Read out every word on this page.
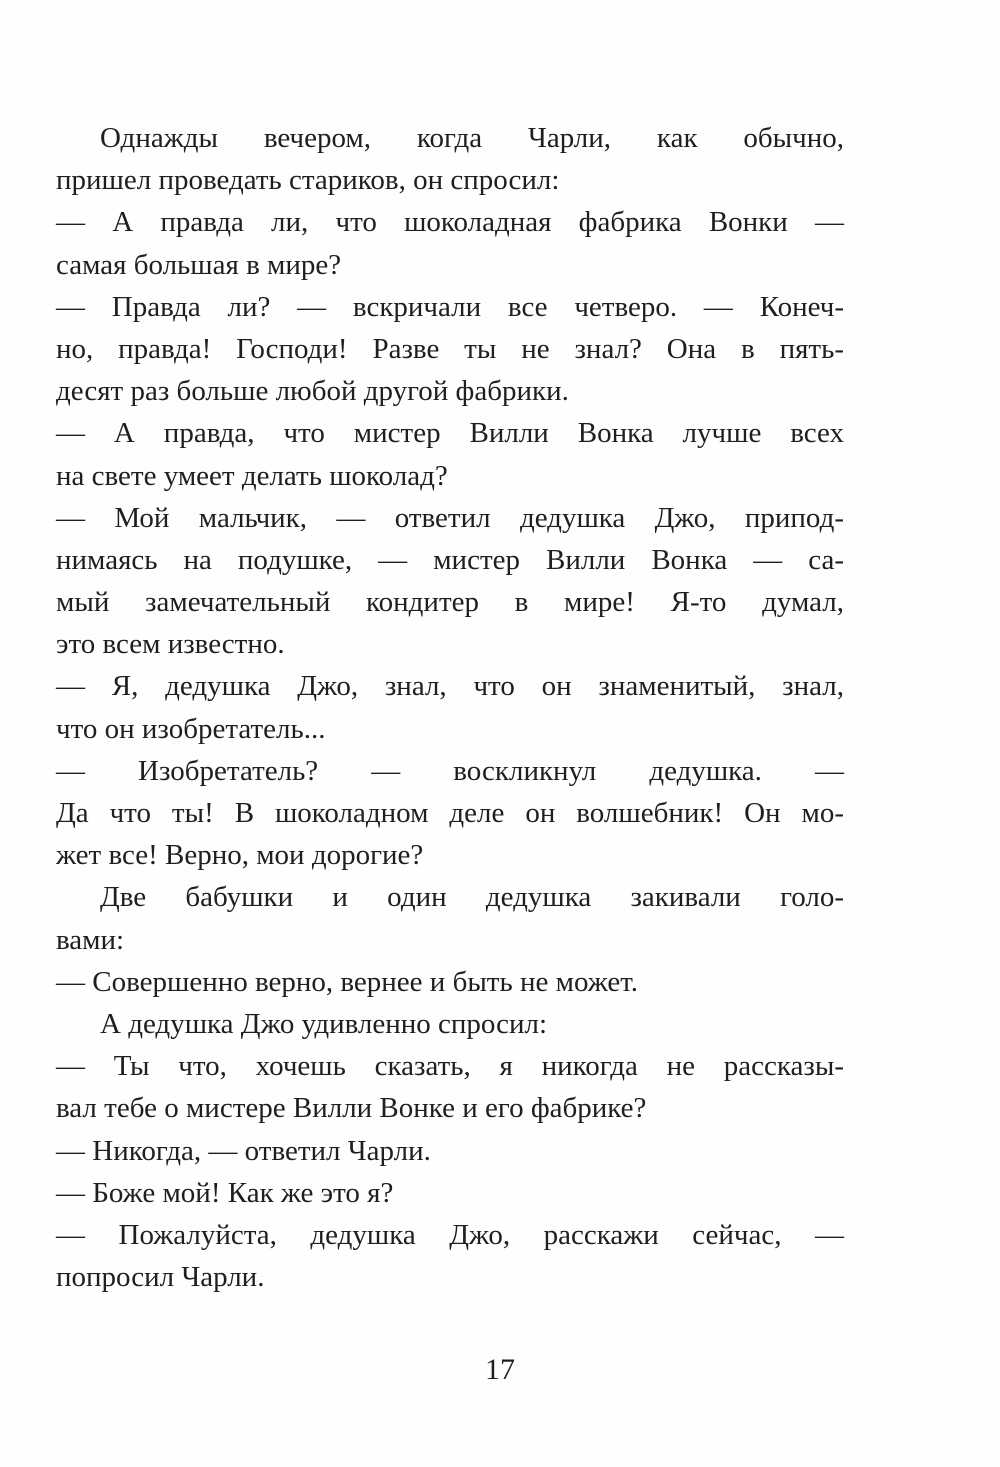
Однажды вечером, когда Чарли, как обычно,
пришел проведать стариков, он спросил:
— А правда ли, что шоколадная фабрика Вонки —
самая большая в мире?
— Правда ли? — вскричали все четверо. — Конеч-
но, правда! Господи! Разве ты не знал? Она в пять-
десят раз больше любой другой фабрики.
— А правда, что мистер Вилли Вонка лучше всех
на свете умеет делать шоколад?
— Мой мальчик, — ответил дедушка Джо, припод-
нимаясь на подушке, — мистер Вилли Вонка — са-
мый замечательный кондитер в мире! Я-то думал,
это всем известно.
— Я, дедушка Джо, знал, что он знаменитый, знал,
что он изобретатель...
— Изобретатель? — воскликнул дедушка. —
Да что ты! В шоколадном деле он волшебник! Он мо-
жет все! Верно, мои дорогие?
Две бабушки и один дедушка закивали голо-
вами:
— Совершенно верно, вернее и быть не может.
А дедушка Джо удивленно спросил:
— Ты что, хочешь сказать, я никогда не рассказы-
вал тебе о мистере Вилли Вонке и его фабрике?
— Никогда, — ответил Чарли.
— Боже мой! Как же это я?
— Пожалуйста, дедушка Джо, расскажи сейчас, —
попросил Чарли.
17
